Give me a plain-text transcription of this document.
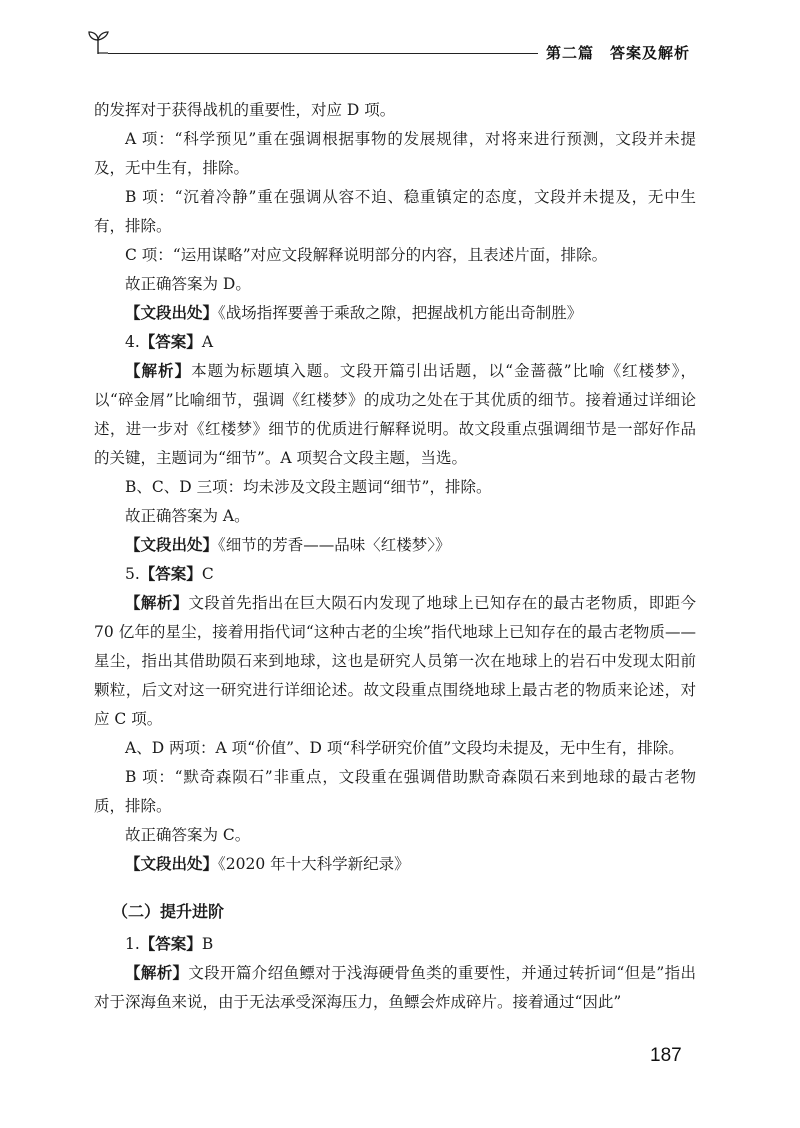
第二篇　答案及解析

的发挥对于获得战机的重要性，对应 D 项。

A 项：“科学预见”重在强调根据事物的发展规律，对将来进行预测，文段并未提及，无中生有，排除。

B 项：“沉着冷静”重在强调从容不迫、稳重镇定的态度，文段并未提及，无中生有，排除。

C 项：“运用谋略”对应文段解释说明部分的内容，且表述片面，排除。

故正确答案为 D。

【文段出处】《战场指挥要善于乘敌之隙，把握战机方能出奇制胜》

4.【答案】A

【解析】本题为标题填入题。文段开篇引出话题，以“金蔷薇”比喻《红楼梦》，以“碎金屑”比喻细节，强调《红楼梦》的成功之处在于其优质的细节。接着通过详细论述，进一步对《红楼梦》细节的优质进行解释说明。故文段重点强调细节是一部好作品的关键，主题词为“细节”。A 项契合文段主题，当选。

B、C、D 三项：均未涉及文段主题词“细节”，排除。

故正确答案为 A。

【文段出处】《细节的芳香——品味〈红楼梦〉》

5.【答案】C

【解析】文段首先指出在巨大陨石内发现了地球上已知存在的最古老物质，即距今 70 亿年的星尘，接着用指代词“这种古老的尘埃”指代地球上已知存在的最古老物质——星尘，指出其借助陨石来到地球，这也是研究人员第一次在地球上的岩石中发现太阳前颗粒，后文对这一研究进行详细论述。故文段重点围绕地球上最古老的物质来论述，对应 C 项。

A、D 两项：A 项“价值”、D 项“科学研究价值”文段均未提及，无中生有，排除。

B 项：“默奇森陨石”非重点，文段重在强调借助默奇森陨石来到地球的最古老物质，排除。

故正确答案为 C。

【文段出处】《2020 年十大科学新纪录》

（二）提升进阶

1.【答案】B

【解析】文段开篇介绍鱼鳔对于浅海硬骨鱼类的重要性，并通过转折词“但是”指出对于深海鱼来说，由于无法承受深海压力，鱼鳔会炸成碎片。接着通过“因此”

187
